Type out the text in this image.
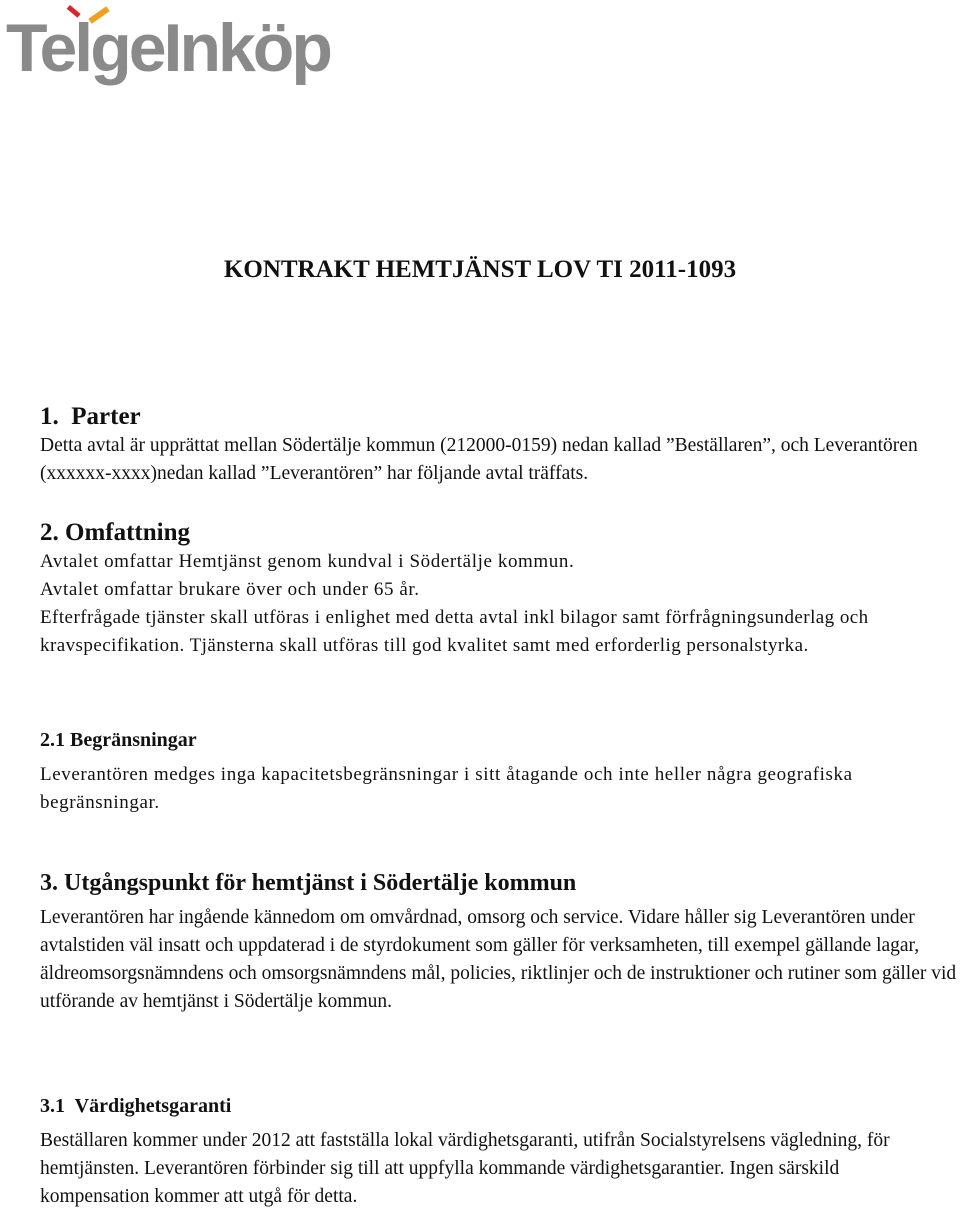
TelgeInköp
KONTRAKT HEMTJÄNST LOV TI 2011-1093

1. Parter

Detta avtal är upprättat mellan Södertälje kommun (212000-0159) nedan kallad ”Beställaren”, och Leverantören (xxxxxx-xxxx)nedan kallad ”Leverantören” har följande avtal träffats.

2. Omfattning

Avtalet omfattar Hemtjänst genom kundval i Södertälje kommun.

Avtalet omfattar brukare över och under 65 år.

Efterfrågade tjänster skall utföras i enlighet med detta avtal inkl bilagor samt förfrågningsunderlag och kravspecifikation. Tjänsterna skall utföras till god kvalitet samt med erforderlig personalstyrka.

2.1 Begränsningar

Leverantören medges inga kapacitetsbegränsningar i sitt åtagande och inte heller några geografiska begränsningar.

3. Utgångspunkt för hemtjänst i Södertälje kommun

Leverantören har ingående kännedom om omvårdnad, omsorg och service. Vidare håller sig Leverantören under avtalstiden väl insatt och uppdaterad i de styrdokument som gäller för verksamheten, till exempel gällande lagar, äldreomsorgsnämndens och omsorgsnämndens mål, policies, riktlinjer och de instruktioner och rutiner som gäller vid utförande av hemtjänst i Södertälje kommun.

3.1 Värdighetsgaranti

Beställaren kommer under 2012 att fastställa lokal värdighetsgaranti, utifrån Socialstyrelsens vägledning, för hemtjänsten. Leverantören förbinder sig till att uppfylla kommande värdighetsgarantier. Ingen särskild kompensation kommer att utgå för detta.
